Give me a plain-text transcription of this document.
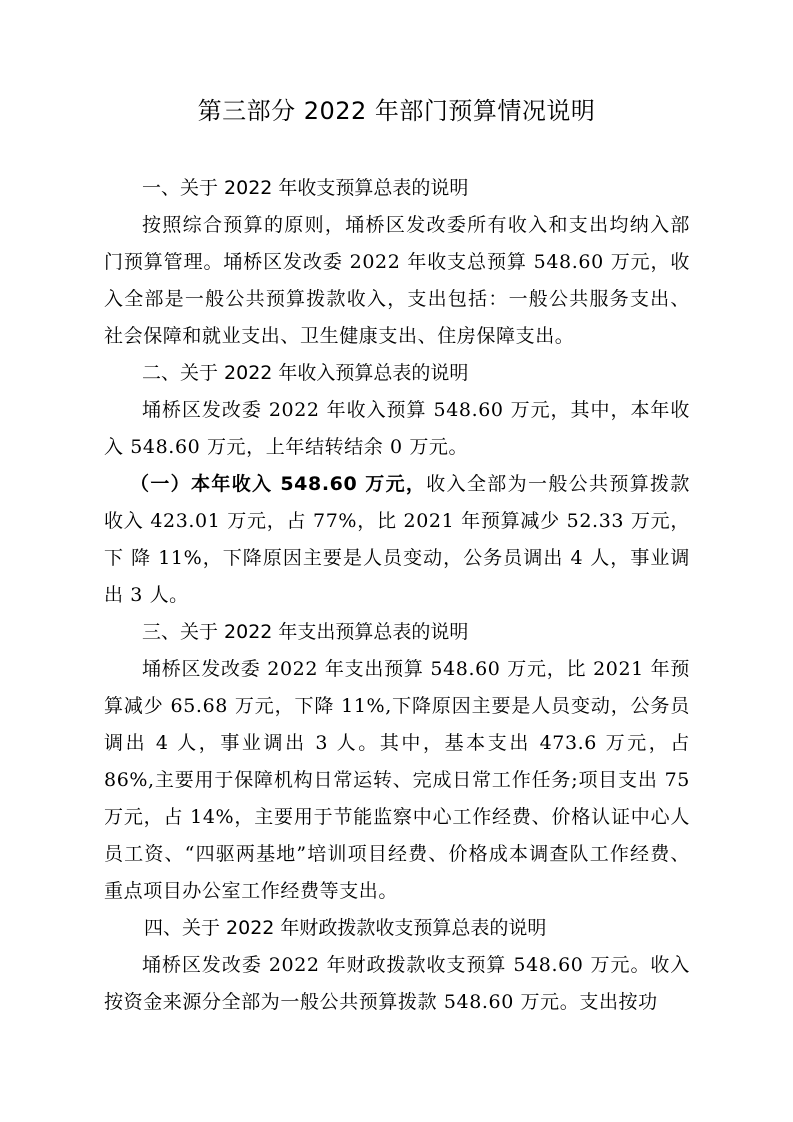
第三部分 2022 年部门预算情况说明
一、关于 2022 年收支预算总表的说明

按照综合预算的原则，埇桥区发改委所有收入和支出均纳入部门预算管理。埇桥区发改委 2022 年收支总预算 548.60 万元，收入全部是一般公共预算拨款收入，支出包括：一般公共服务支出、社会保障和就业支出、卫生健康支出、住房保障支出。

二、关于 2022 年收入预算总表的说明

埇桥区发改委 2022 年收入预算 548.60 万元，其中，本年收入 548.60 万元，上年结转结余 0 万元。

（一）本年收入 548.60 万元，收入全部为一般公共预算拨款收入 423.01 万元，占 77%，比 2021 年预算减少 52.33 万元，下 降 11%，下降原因主要是人员变动，公务员调出 4 人，事业调出 3 人。

三、关于 2022 年支出预算总表的说明

埇桥区发改委 2022 年支出预算 548.60 万元，比 2021 年预算减少 65.68 万元，下降 11%,下降原因主要是人员变动，公务员调出 4 人，事业调出 3 人。其中，基本支出 473.6 万元，占 86%,主要用于保障机构日常运转、完成日常工作任务;项目支出 75 万元，占 14%，主要用于节能监察中心工作经费、价格认证中心人员工资、“四驱两基地”培训项目经费、价格成本调查队工作经费、重点项目办公室工作经费等支出。

四、关于 2022 年财政拨款收支预算总表的说明

埇桥区发改委 2022 年财政拨款收支预算 548.60 万元。收入按资金来源分全部为一般公共预算拨款 548.60 万元。支出按功
